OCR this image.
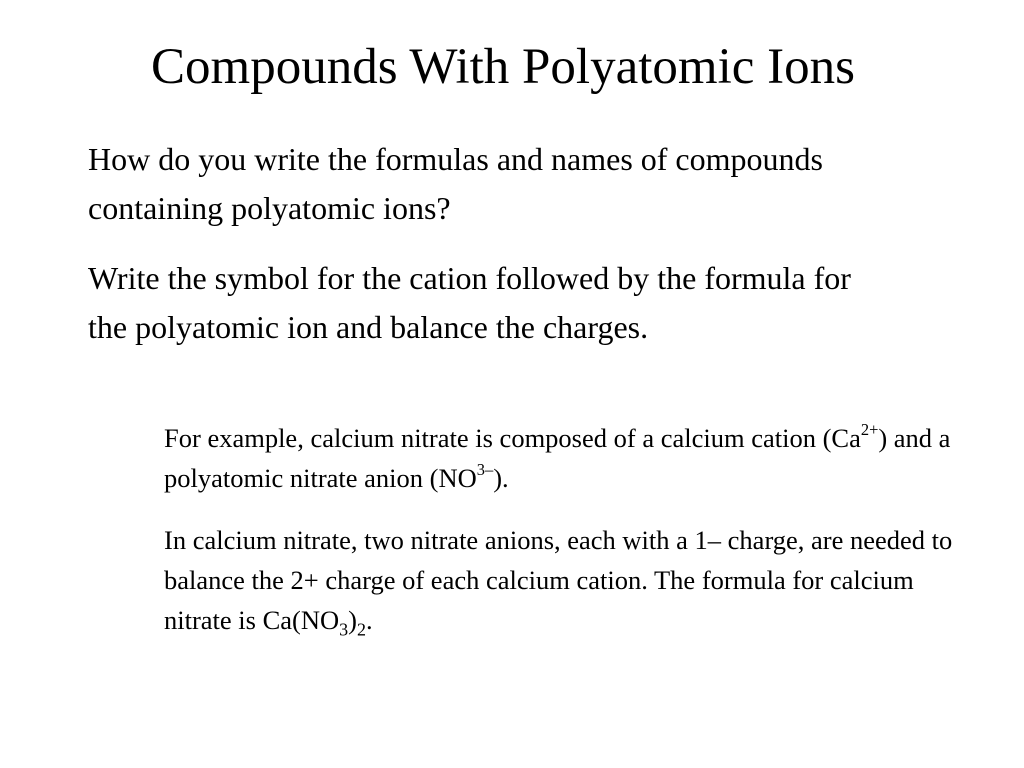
Compounds With Polyatomic Ions

How do you write the formulas and names of compounds containing polyatomic ions?

Write the symbol for the cation followed by the formula for the polyatomic ion and balance the charges.

For example, calcium nitrate is composed of a calcium cation $(Ca^{2+})$ and a polyatomic nitrate anion $(NO^{3-})$.

In calcium nitrate, two nitrate anions, each with a 1– charge, are needed to balance the 2+ charge of each calcium cation. The formula for calcium nitrate is $Ca(NO_3)_2$.
